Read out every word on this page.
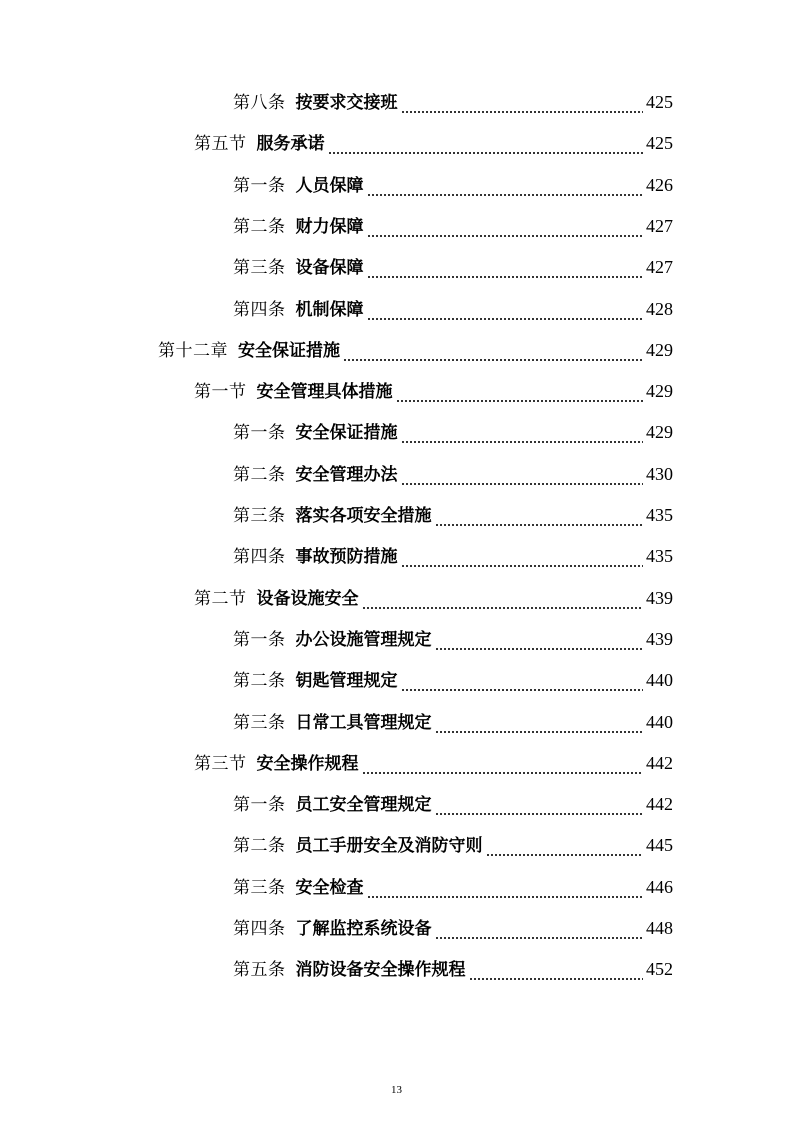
第八条 按要求交接班	425
第五节 服务承诺	425
第一条 人员保障	426
第二条 财力保障	427
第三条 设备保障	427
第四条 机制保障	428
第十二章 安全保证措施	429
第一节 安全管理具体措施	429
第一条 安全保证措施	429
第二条 安全管理办法	430
第三条 落实各项安全措施	435
第四条 事故预防措施	435
第二节 设备设施安全	439
第一条 办公设施管理规定	439
第二条 钥匙管理规定	440
第三条 日常工具管理规定	440
第三节 安全操作规程	442
第一条 员工安全管理规定	442
第二条 员工手册安全及消防守则	445
第三条 安全检查	446
第四条 了解监控系统设备	448
第五条 消防设备安全操作规程	452
13
